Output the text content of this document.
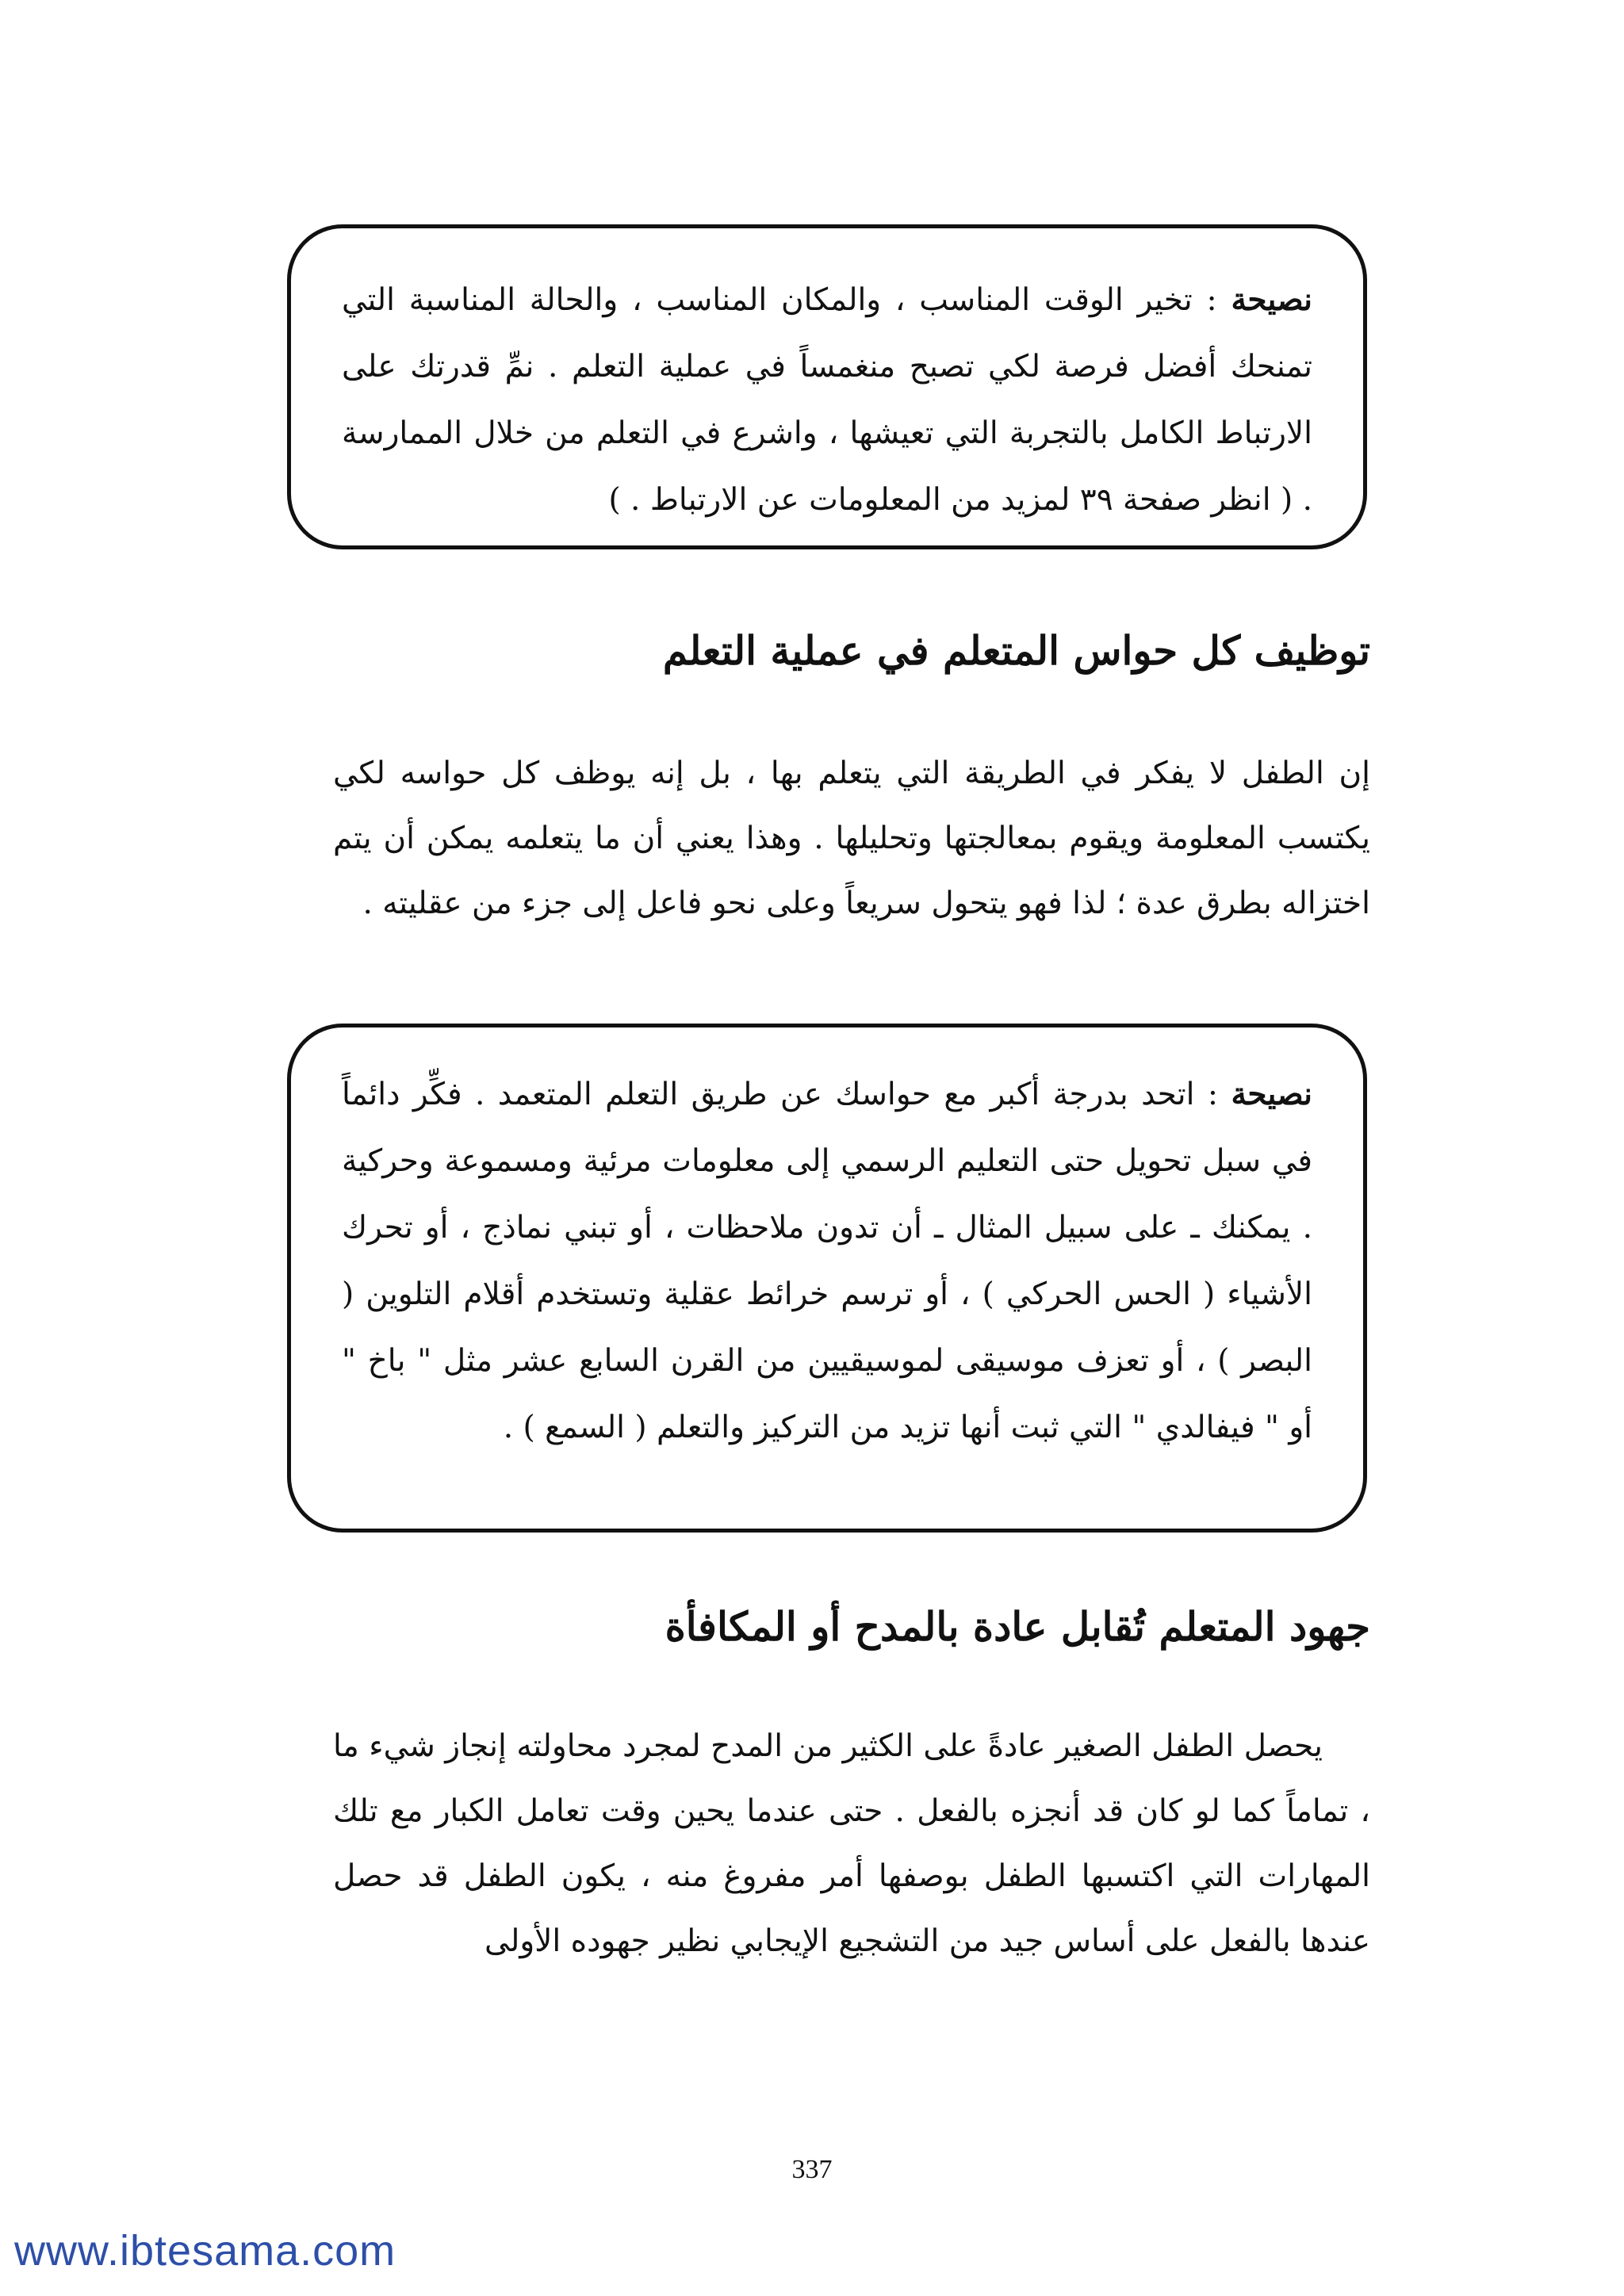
نصيحة : تخير الوقت المناسب ، والمكان المناسب ، والحالة المناسبة التي تمنحك أفضل فرصة لكي تصبح منغمساً في عملية التعلم . نمِّ قدرتك على الارتباط الكامل بالتجربة التي تعيشها ، واشرع في التعلم من خلال الممارسة . ( انظر صفحة ٣٩ لمزيد من المعلومات عن الارتباط . )
توظيف كل حواس المتعلم في عملية التعلم
إن الطفل لا يفكر في الطريقة التي يتعلم بها ، بل إنه يوظف كل حواسه لكي يكتسب المعلومة ويقوم بمعالجتها وتحليلها . وهذا يعني أن ما يتعلمه يمكن أن يتم اختزاله بطرق عدة ؛ لذا فهو يتحول سريعاً وعلى نحو فاعل إلى جزء من عقليته .
نصيحة : اتحد بدرجة أكبر مع حواسك عن طريق التعلم المتعمد . فكِّر دائماً في سبل تحويل حتى التعليم الرسمي إلى معلومات مرئية ومسموعة وحركية . يمكنك ـ على سبيل المثال ـ أن تدون ملاحظات ، أو تبني نماذج ، أو تحرك الأشياء ( الحس الحركي ) ، أو ترسم خرائط عقلية وتستخدم أقلام التلوين ( البصر ) ، أو تعزف موسيقى لموسيقيين من القرن السابع عشر مثل " باخ " أو " فيفالدي " التي ثبت أنها تزيد من التركيز والتعلم ( السمع ) .
جهود المتعلم تُقابل عادة بالمدح أو المكافأة
يحصل الطفل الصغير عادةً على الكثير من المدح لمجرد محاولته إنجاز شيء ما ، تماماً كما لو كان قد أنجزه بالفعل . حتى عندما يحين وقت تعامل الكبار مع تلك المهارات التي اكتسبها الطفل بوصفها أمر مفروغ منه ، يكون الطفل قد حصل عندها بالفعل على أساس جيد من التشجيع الإيجابي نظير جهوده الأولى
337
www.ibtesama.com
